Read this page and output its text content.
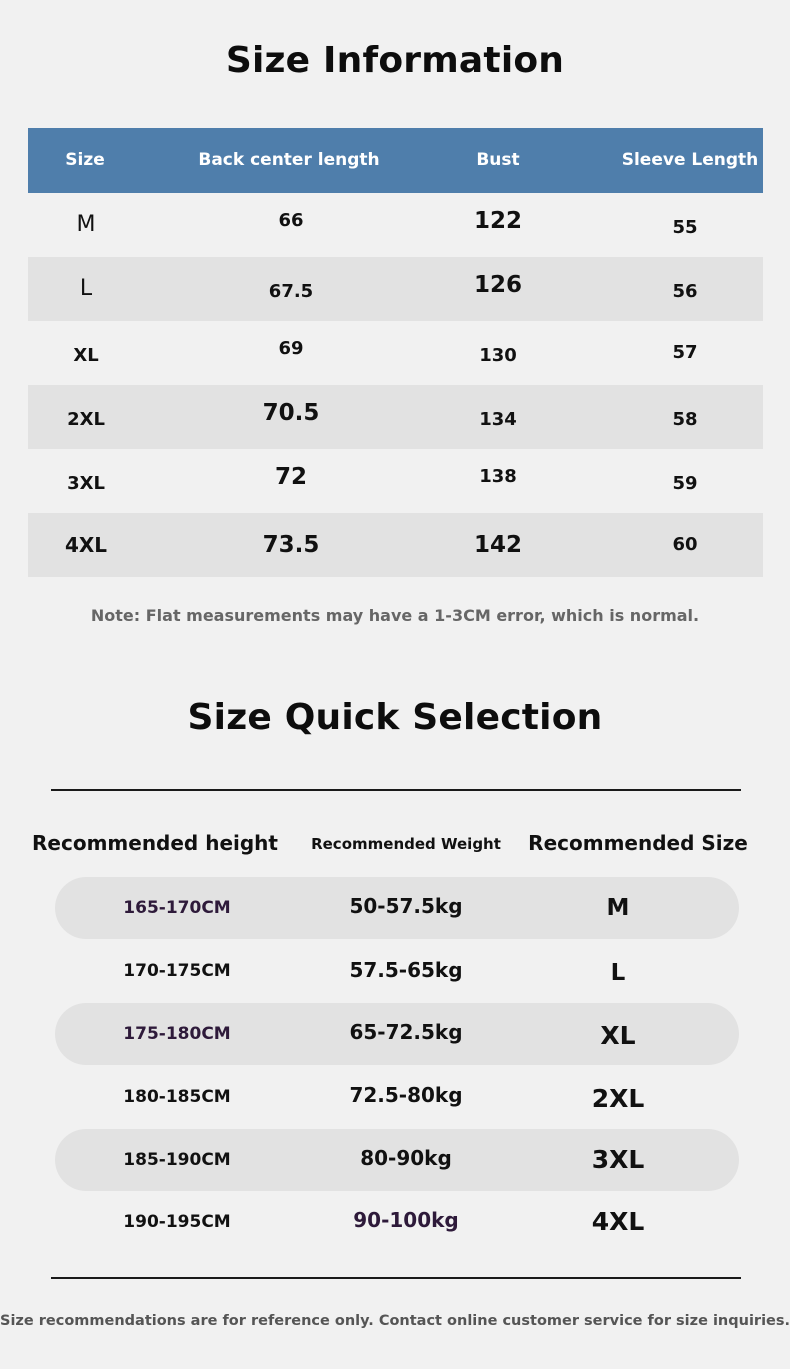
Size Information
Size	Back center length	Bust	Sleeve Length
M	66	122	55
L	67.5	126	56
XL	69	130	57
2XL	70.5	134	58
3XL	72	138	59
4XL	73.5	142	60
Note: Flat measurements may have a 1-3CM error, which is normal.
Size Quick Selection
Recommended height Recommended Weight Recommended Size
165-170CM	50-57.5kg	M
170-175CM	57.5-65kg	L
175-180CM	65-72.5kg	XL
180-185CM	72.5-80kg	2XL
185-190CM	80-90kg	3XL
190-195CM	90-100kg	4XL
Size recommendations are for reference only. Contact online customer service for size inquiries.
